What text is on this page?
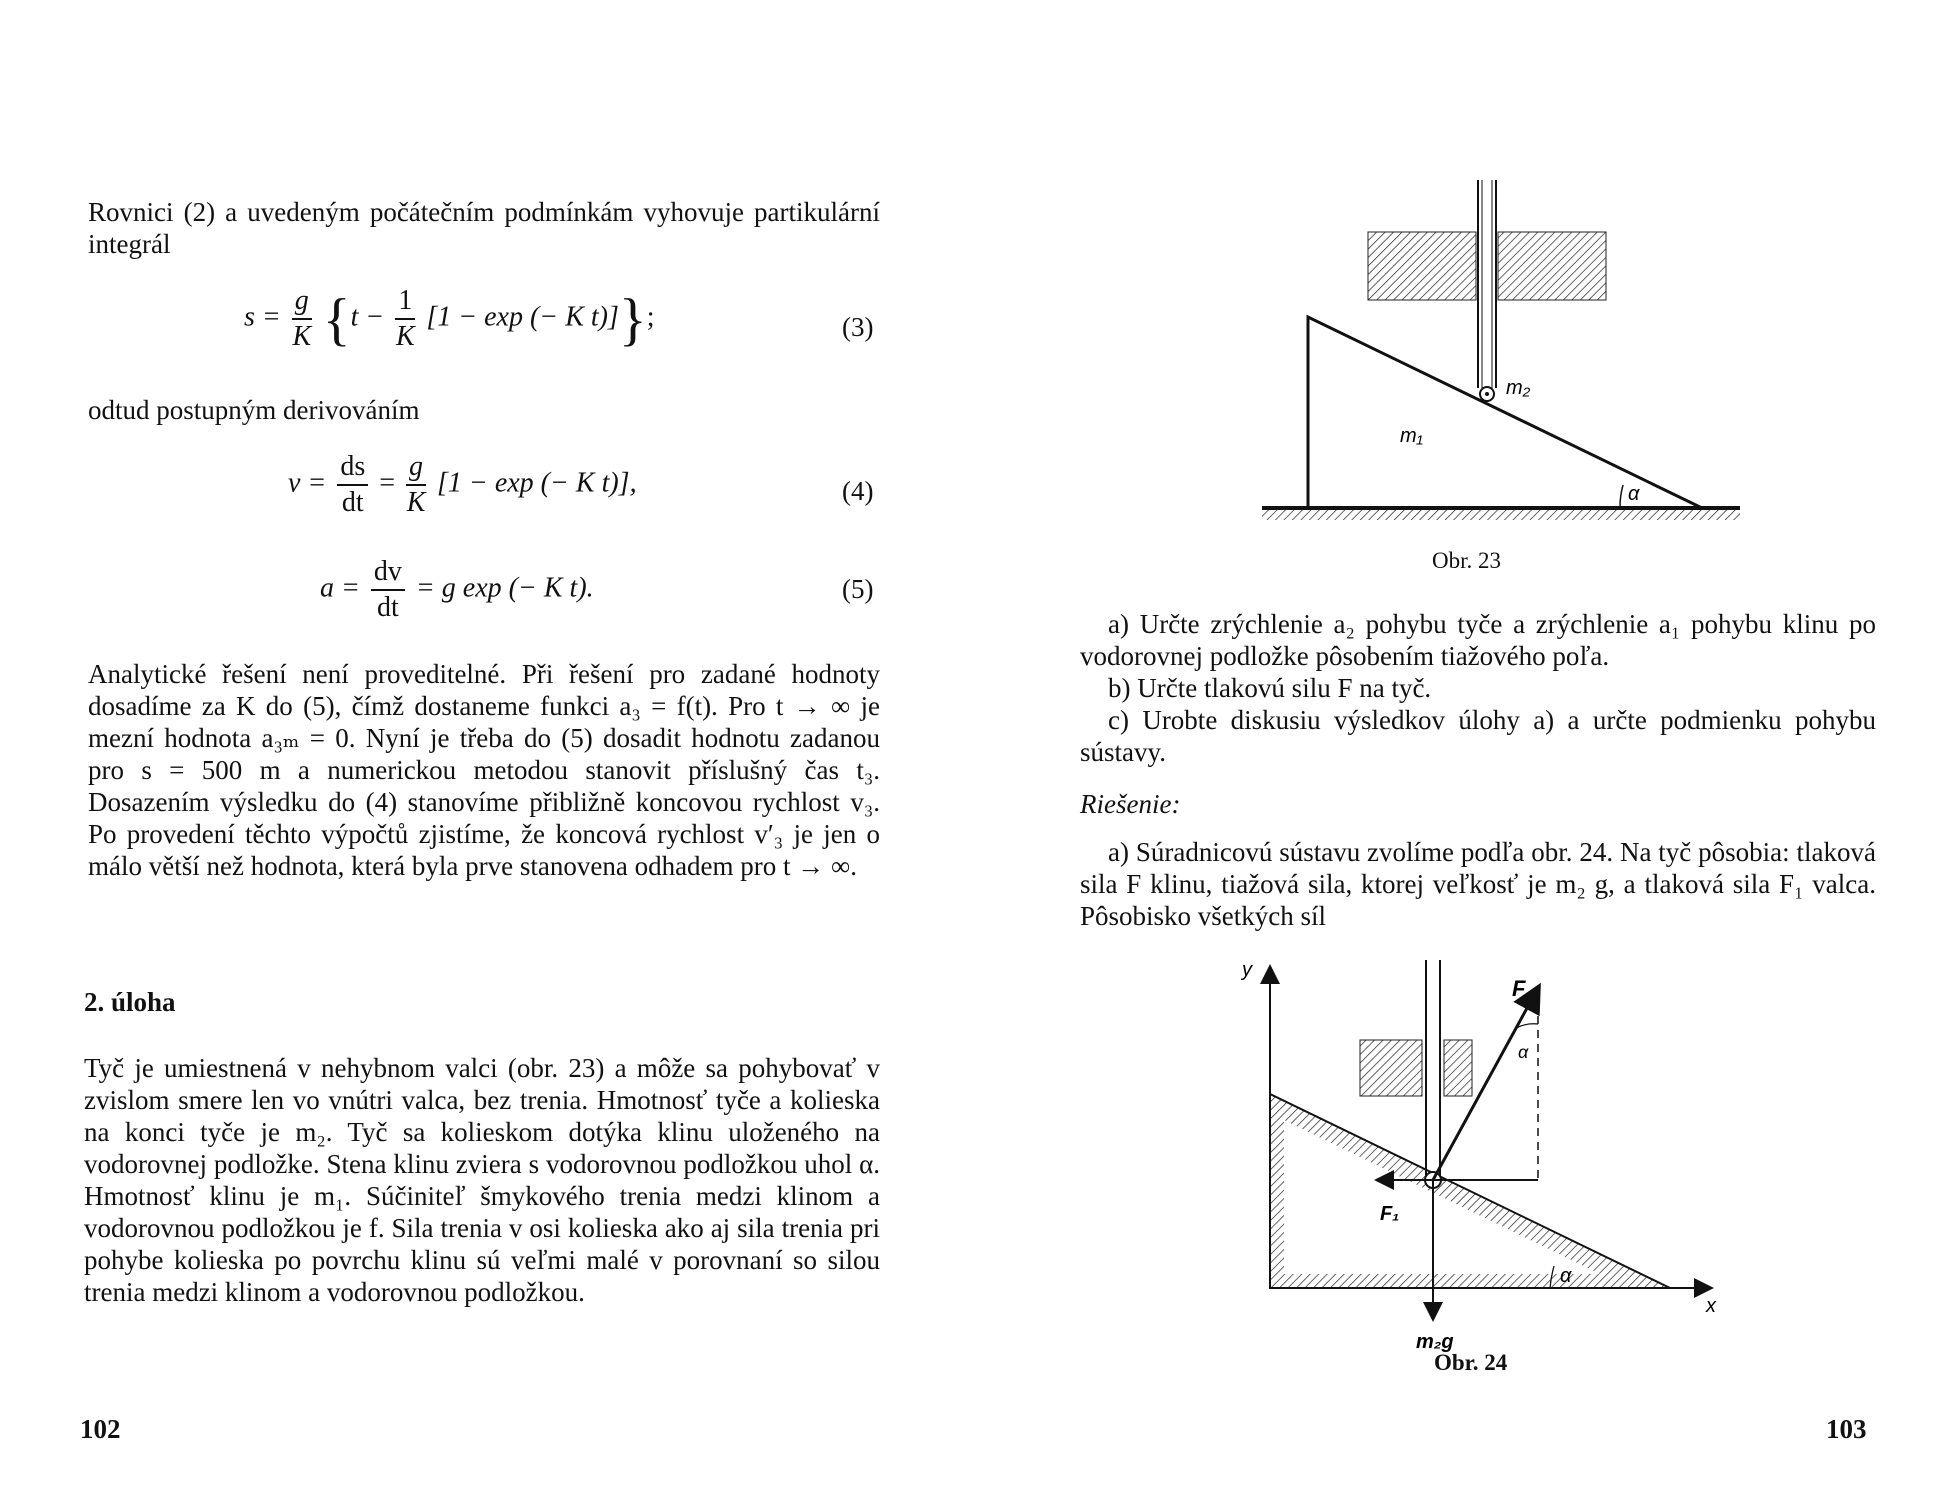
Rovnici (2) a uvedeným počátečním podmínkám vyhovuje partikulární integrál
$s = \frac{g}{K} \{t - \frac{1}{K} [1 - \exp$ (− K t)]};	(3)
odtud postupným derivováním
$v = \frac{ds}{dt} = \frac{g}{K} [1 - \exp$ (− K t)],	(4)
$a = \frac{dv}{dt} = g$ exp (− K t).	(5)
Analytické řešení není proveditelné. Při řešení pro zadané hodnoty dosadíme za K do (5), čímž dostaneme funkci a₃ = f(t). Pro t → ∞ je mezní hodnota a₃ₘ = 0. Nyní je třeba do (5) dosadit hodnotu zadanou pro s = 500 m a numerickou metodou stanovit příslušný čas t₃. Dosazením výsledku do (4) stanovíme přibližně koncovou rychlost v₃. Po provedení těchto výpočtů zjistíme, že koncová rychlost v′₃ je jen o málo větší než hodnota, která byla prve stanovena odhadem pro t → ∞.
2. úloha
Tyč je umiestnená v nehybnom valci (obr. 23) a môže sa pohybovať v zvislom smere len vo vnútri valca, bez trenia. Hmotnosť tyče a kolieska na konci tyče je m₂. Tyč sa kolieskom dotýka klinu uloženého na vodorovnej podložke. Stena klinu zviera s vodorovnou podložkou uhol α. Hmotnosť klinu je m₁. Súčiniteľ šmykového trenia medzi klinom a vodorovnou podložkou je f. Sila trenia v osi kolieska ako aj sila trenia pri pohybe kolieska po povrchu klinu sú veľmi malé v porovnaní so silou trenia medzi klinom a vodorovnou podložkou.
102
m₂
m₁
α
Obr. 23
a) Určte zrýchlenie a₂ pohybu tyče a zrýchlenie a₁ pohybu klinu po vodorovnej podložke pôsobením tiažového poľa.
b) Určte tlakovú silu F na tyč.
c) Urobte diskusiu výsledkov úlohy a) a určte podmienku pohybu sústavy.
Riešenie:
a) Súradnicovú sústavu zvolíme podľa obr. 24. Na tyč pôsobia: tlaková sila F klinu, tiažová sila, ktorej veľkosť je m₂ g, a tlaková sila F₁ valca. Pôsobisko všetkých síl
y
x
F
F₁
α
α
m₂g
Obr. 24
103
